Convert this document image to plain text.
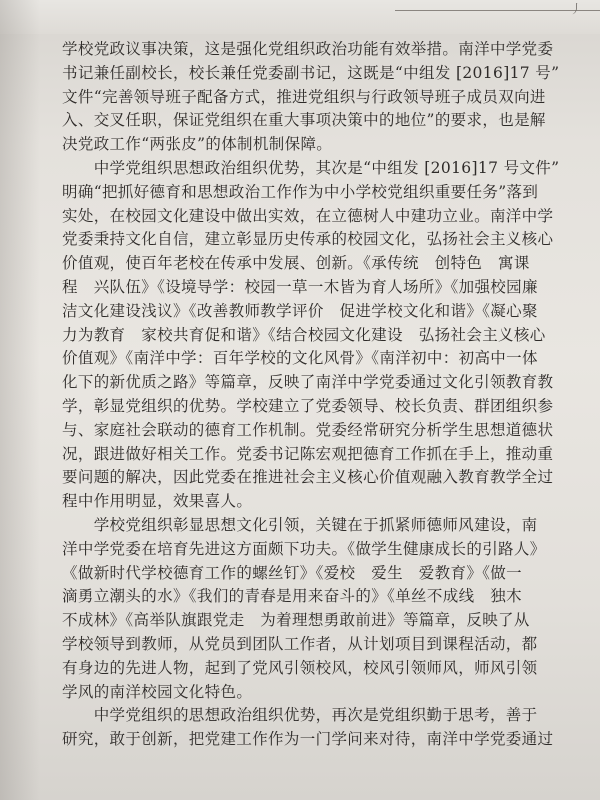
丿

学校党政议事决策，这是强化党组织政治功能有效举措。南洋中学党委
书记兼任副校长，校长兼任党委副书记，这既是“中组发 [2016]17 号”
文件“完善领导班子配备方式，推进党组织与行政领导班子成员双向进
入、交叉任职，保证党组织在重大事项决策中的地位”的要求，也是解
决党政工作“两张皮”的体制机制保障。

　　中学党组织思想政治组织优势，其次是“中组发 [2016]17 号文件”
明确“把抓好德育和思想政治工作作为中小学校党组织重要任务”落到
实处，在校园文化建设中做出实效，在立德树人中建功立业。南洋中学
党委秉持文化自信，建立彰显历史传承的校园文化，弘扬社会主义核心
价值观，使百年老校在传承中发展、创新。《承传统　创特色　寓课
程　兴队伍》《设境导学：校园一草一木皆为育人场所》《加强校园廉
洁文化建设浅议》《改善教师教学评价　促进学校文化和谐》《凝心聚
力为教育　家校共育促和谐》《结合校园文化建设　弘扬社会主义核心
价值观》《南洋中学：百年学校的文化风骨》《南洋初中：初高中一体
化下的新优质之路》等篇章，反映了南洋中学党委通过文化引领教育教
学，彰显党组织的优势。学校建立了党委领导、校长负责、群团组织参
与、家庭社会联动的德育工作机制。党委经常研究分析学生思想道德状
况，跟进做好相关工作。党委书记陈宏观把德育工作抓在手上，推动重
要问题的解决，因此党委在推进社会主义核心价值观融入教育教学全过
程中作用明显，效果喜人。

　　学校党组织彰显思想文化引领，关键在于抓紧师德师风建设，南
洋中学党委在培育先进这方面颇下功夫。《做学生健康成长的引路人》
《做新时代学校德育工作的螺丝钉》《爱校　爱生　爱教育》《做一
滴勇立潮头的水》《我们的青春是用来奋斗的》《单丝不成线　独木
不成林》《高举队旗跟党走　为着理想勇敢前进》等篇章，反映了从
学校领导到教师，从党员到团队工作者，从计划项目到课程活动，都
有身边的先进人物，起到了党风引领校风，校风引领师风，师风引领
学风的南洋校园文化特色。

　　中学党组织的思想政治组织优势，再次是党组织勤于思考，善于
研究，敢于创新，把党建工作作为一门学问来对待，南洋中学党委通过
